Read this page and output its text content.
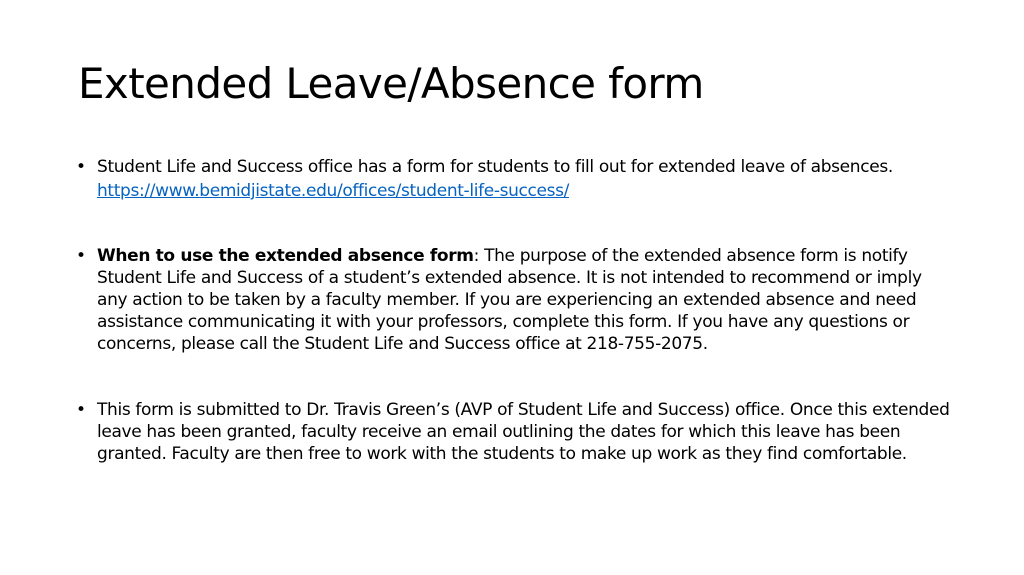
Extended Leave/Absence form
• Student Life and Success office has a form for students to fill out for extended leave of absences. https://www.bemidjistate.edu/offices/student-life-success/
• When to use the extended absence form: The purpose of the extended absence form is notify Student Life and Success of a student’s extended absence. It is not intended to recommend or imply any action to be taken by a faculty member. If you are experiencing an extended absence and need assistance communicating it with your professors, complete this form. If you have any questions or concerns, please call the Student Life and Success office at 218-755-2075.
• This form is submitted to Dr. Travis Green’s (AVP of Student Life and Success) office. Once this extended leave has been granted, faculty receive an email outlining the dates for which this leave has been granted. Faculty are then free to work with the students to make up work as they find comfortable.
